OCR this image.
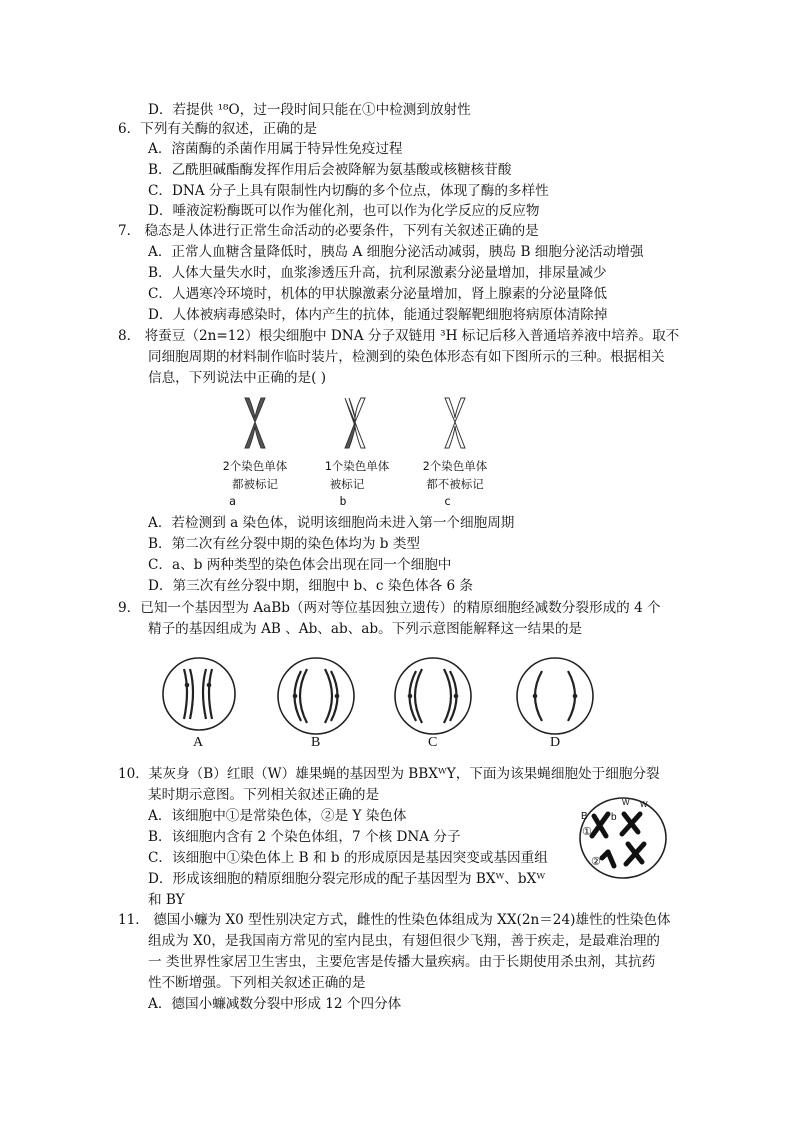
D．若提供 ¹⁸O，过一段时间只能在①中检测到放射性
6．下列有关酶的叙述，正确的是
A．溶菌酶的杀菌作用属于特异性免疫过程
B．乙酰胆碱酯酶发挥作用后会被降解为氨基酸或核糖核苷酸
C．DNA 分子上具有限制性内切酶的多个位点，体现了酶的多样性
D．唾液淀粉酶既可以作为催化剂，也可以作为化学反应的反应物
7． 稳态是人体进行正常生命活动的必要条件，下列有关叙述正确的是
A．正常人血糖含量降低时，胰岛 A 细胞分泌活动减弱，胰岛 B 细胞分泌活动增强
B．人体大量失水时，血浆渗透压升高，抗利尿激素分泌量增加，排尿量减少
C．人遇寒冷环境时，机体的甲状腺激素分泌量增加，肾上腺素的分泌量降低
D．人体被病毒感染时，体内产生的抗体，能通过裂解靶细胞将病原体清除掉
8． 将蚕豆（2n=12）根尖细胞中 DNA 分子双链用 ³H 标记后移入普通培养液中培养。取不
同细胞周期的材料制作临时装片，检测到的染色体形态有如下图所示的三种。根据相关
信息，下列说法中正确的是( )
2个染色单体
都被标记
a
1个染色单体
被标记
b
2个染色单体
都不被标记
c
A．若检测到 a 染色体，说明该细胞尚未进入第一个细胞周期
B．第二次有丝分裂中期的染色体均为 b 类型
C．a、b 两种类型的染色体会出现在同一个细胞中
D．第三次有丝分裂中期，细胞中 b、c 染色体各 6 条
9．已知一个基因型为 AaBb（两对等位基因独立遗传）的精原细胞经减数分裂形成的 4 个
精子的基因组成为 AB 、Ab、ab、ab。下列示意图能解释这一结果的是
A	B	C	D
10．某灰身（B）红眼（W）雄果蝇的基因型为 BBXᵂY，下面为该果蝇细胞处于细胞分裂
某时期示意图。下列相关叙述正确的是
A．该细胞中①是常染色体，②是 Y 染色体
B．该细胞内含有 2 个染色体组，7 个核 DNA 分子
C．该细胞中①染色体上 B 和 b 的形成原因是基因突变或基因重组
D．形成该细胞的精原细胞分裂完形成的配子基因型为 BXᵂ、bXᵂ
和 BY
B
①
b
W W
②
11． 德国小蠊为 X0 型性别决定方式，雌性的性染色体组成为 XX(2n＝24)雄性的性染色体
组成为 X0，是我国南方常见的室内昆虫，有翅但很少飞翔，善于疾走，是最难治理的
一 类世界性家居卫生害虫，主要危害是传播大量疾病。由于长期使用杀虫剂，其抗药
性不断增强。下列相关叙述正确的是
A．德国小蠊减数分裂中形成 12 个四分体
